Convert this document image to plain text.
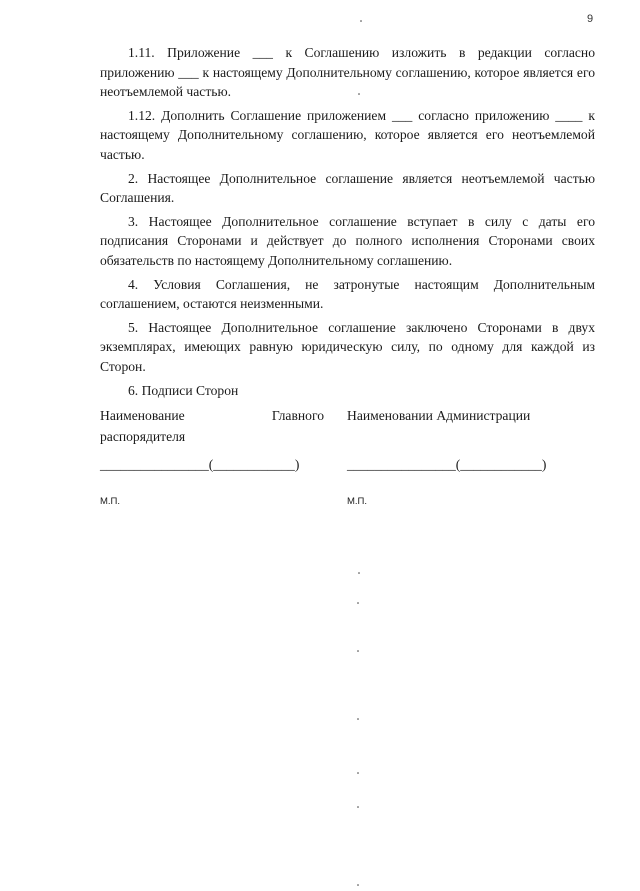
9

1.11. Приложение ___ к Соглашению изложить в редакции согласно приложению ___ к настоящему Дополнительному соглашению, которое является его неотъемлемой частью.

1.12. Дополнить Соглашение приложением ___ согласно приложению ____ к настоящему Дополнительному соглашению, которое является его неотъемлемой частью.

2. Настоящее Дополнительное соглашение является неотъемлемой частью Соглашения.

3. Настоящее Дополнительное соглашение вступает в силу с даты его подписания Сторонами и действует до полного исполнения Сторонами своих обязательств по настоящему Дополнительному соглашению.

4. Условия Соглашения, не затронутые настоящим Дополнительным соглашением, остаются неизменными.

5. Настоящее Дополнительное соглашение заключено Сторонами в двух экземплярах, имеющих равную юридическую силу, по одному для каждой из Сторон.

6. Подписи Сторон

Наименование	Главного
распорядителя
________________(____________)
М.П.
Наименовании Администрации
________________(____________)
М.П.
